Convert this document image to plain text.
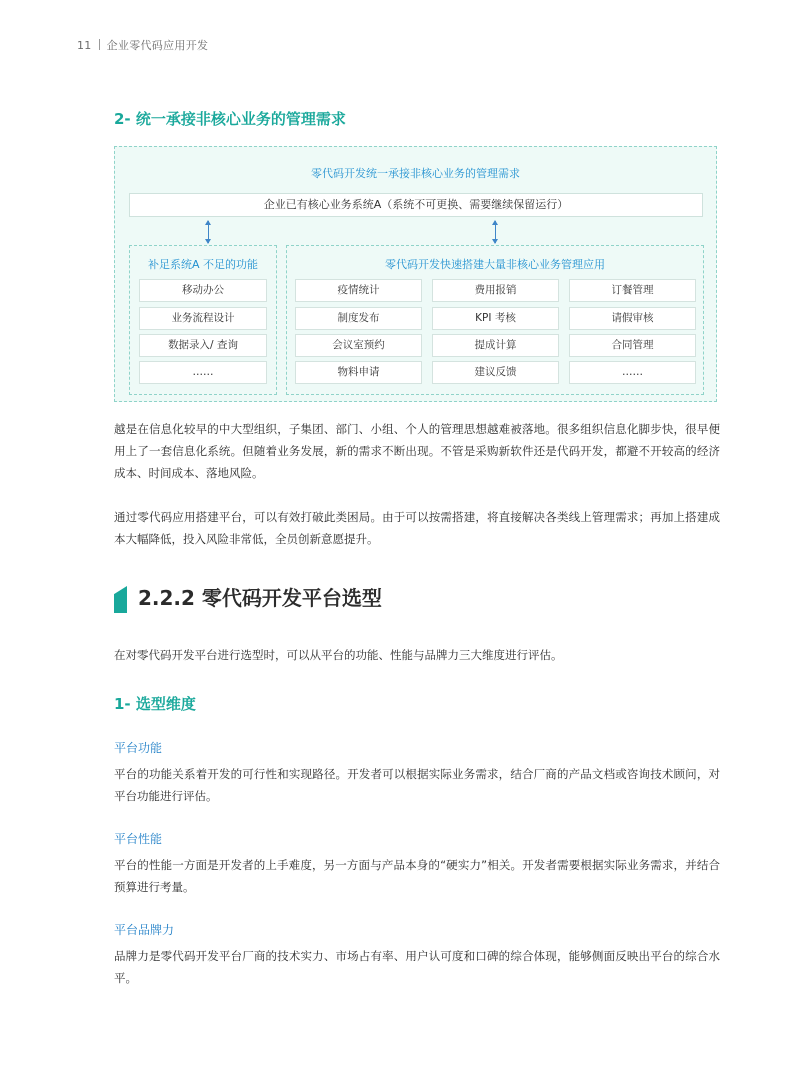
11 企业零代码应用开发
2- 统一承接非核心业务的管理需求
零代码开发统一承接非核心业务的管理需求
企业已有核心业务系统A（系统不可更换、需要继续保留运行）
补足系统A 不足的功能
移动办公
业务流程设计
数据录入/ 查询
……
零代码开发快速搭建大量非核心业务管理应用
疫情统计	费用报销	订餐管理
制度发布	KPI 考核	请假审核
会议室预约	提成计算	合同管理
物料申请	建议反馈	……

越是在信息化较早的中大型组织，子集团、部门、小组、个人的管理思想越难被落地。很多组织信息化脚步快，很早便用上了一套信息化系统。但随着业务发展，新的需求不断出现。不管是采购新软件还是代码开发，都避不开较高的经济成本、时间成本、落地风险。

通过零代码应用搭建平台，可以有效打破此类困局。由于可以按需搭建，将直接解决各类线上管理需求；再加上搭建成本大幅降低，投入风险非常低，全员创新意愿提升。

2.2.2 零代码开发平台选型

在对零代码开发平台进行选型时，可以从平台的功能、性能与品牌力三大维度进行评估。

1- 选型维度
平台功能

平台的功能关系着开发的可行性和实现路径。开发者可以根据实际业务需求，结合厂商的产品文档或咨询技术顾问，对平台功能进行评估。

平台性能

平台的性能一方面是开发者的上手难度，另一方面与产品本身的“硬实力”相关。开发者需要根据实际业务需求，并结合预算进行考量。

平台品牌力

品牌力是零代码开发平台厂商的技术实力、市场占有率、用户认可度和口碑的综合体现，能够侧面反映出平台的综合水平。
